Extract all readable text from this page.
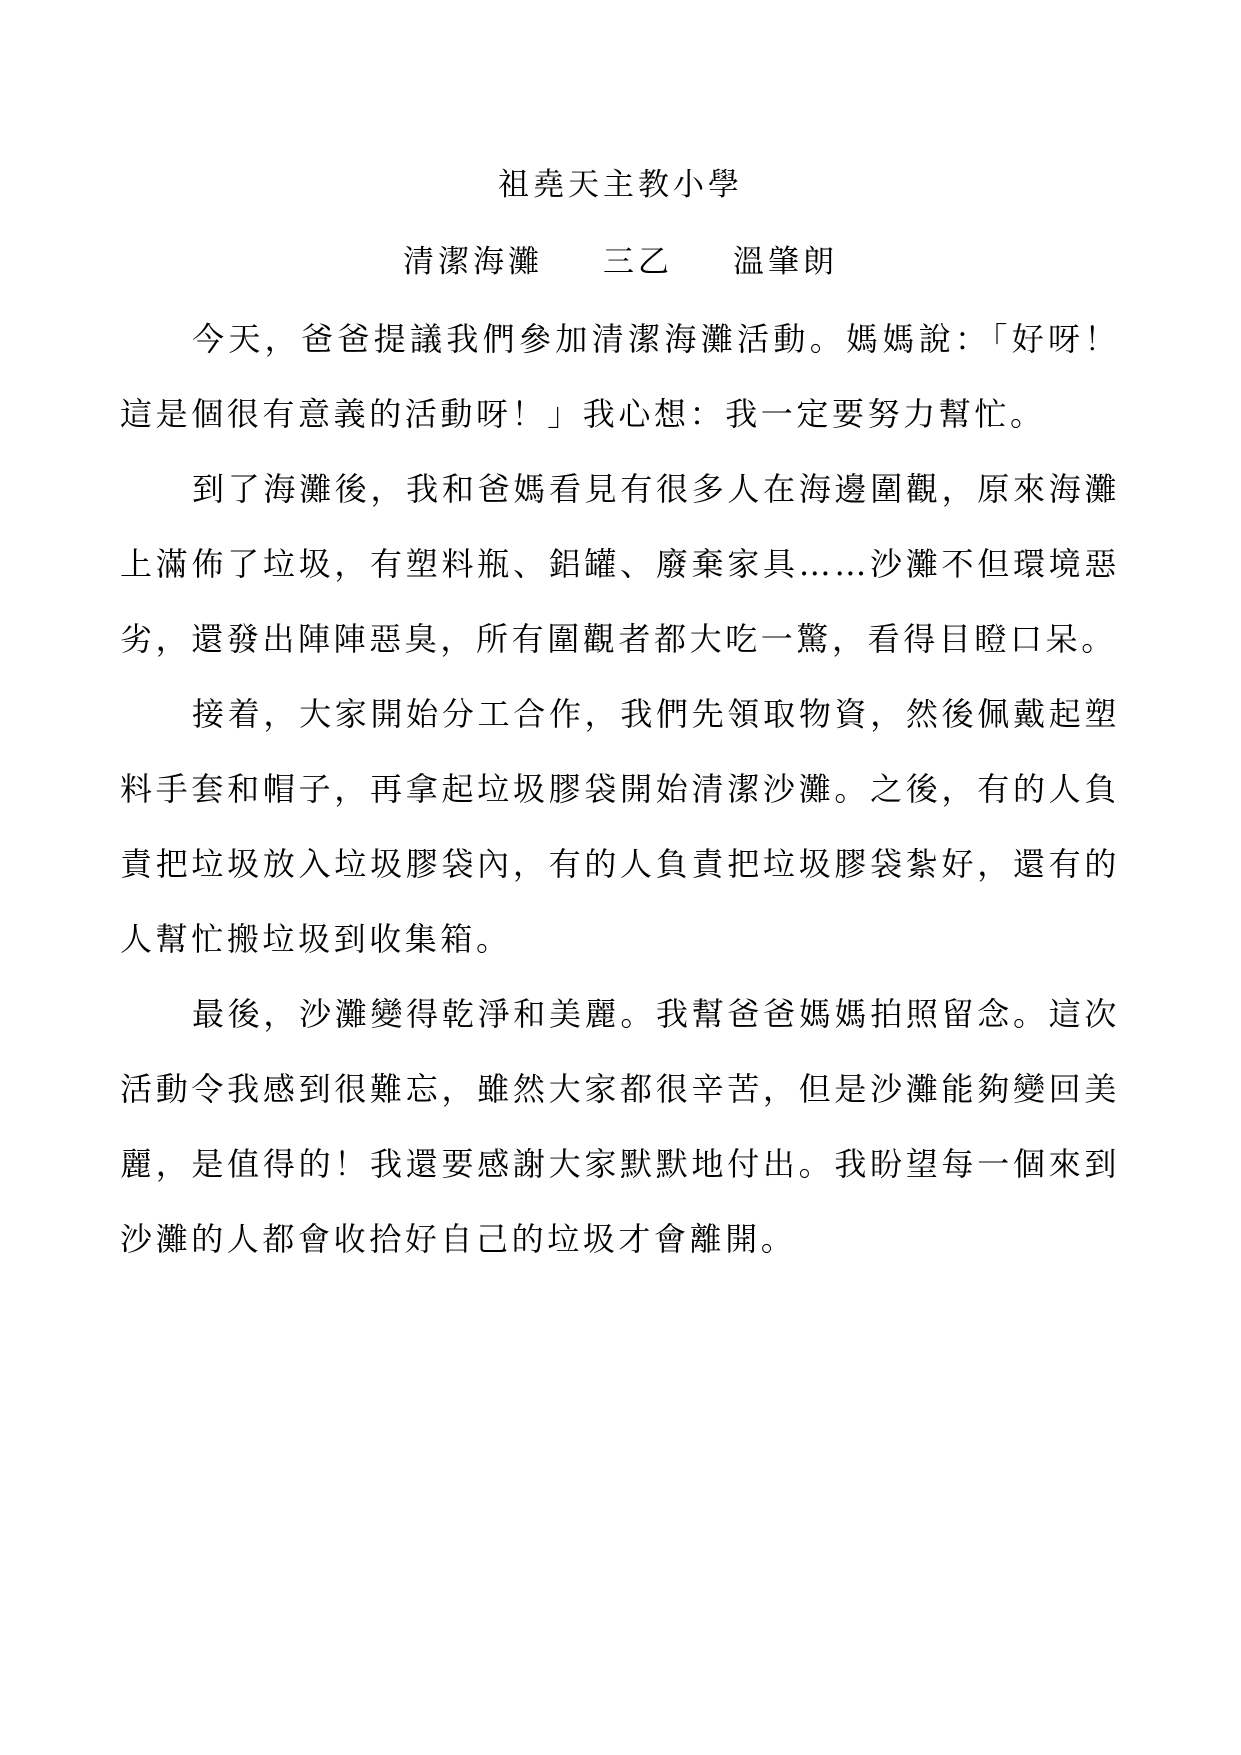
祖堯天主教小學
清潔海灘 三乙 溫肇朗

今天，爸爸提議我們參加清潔海灘活動。媽媽說：「好呀！這是個很有意義的活動呀！」我心想：我一定要努力幫忙。

到了海灘後，我和爸媽看見有很多人在海邊圍觀，原來海灘上滿佈了垃圾，有塑料瓶、鋁罐、廢棄家具……沙灘不但環境惡劣，還發出陣陣惡臭，所有圍觀者都大吃一驚，看得目瞪口呆。

接着，大家開始分工合作，我們先領取物資，然後佩戴起塑料手套和帽子，再拿起垃圾膠袋開始清潔沙灘。之後，有的人負責把垃圾放入垃圾膠袋內，有的人負責把垃圾膠袋紮好，還有的人幫忙搬垃圾到收集箱。

最後，沙灘變得乾淨和美麗。我幫爸爸媽媽拍照留念。這次活動令我感到很難忘，雖然大家都很辛苦，但是沙灘能夠變回美麗，是值得的！我還要感謝大家默默地付出。我盼望每一個來到沙灘的人都會收拾好自己的垃圾才會離開。
